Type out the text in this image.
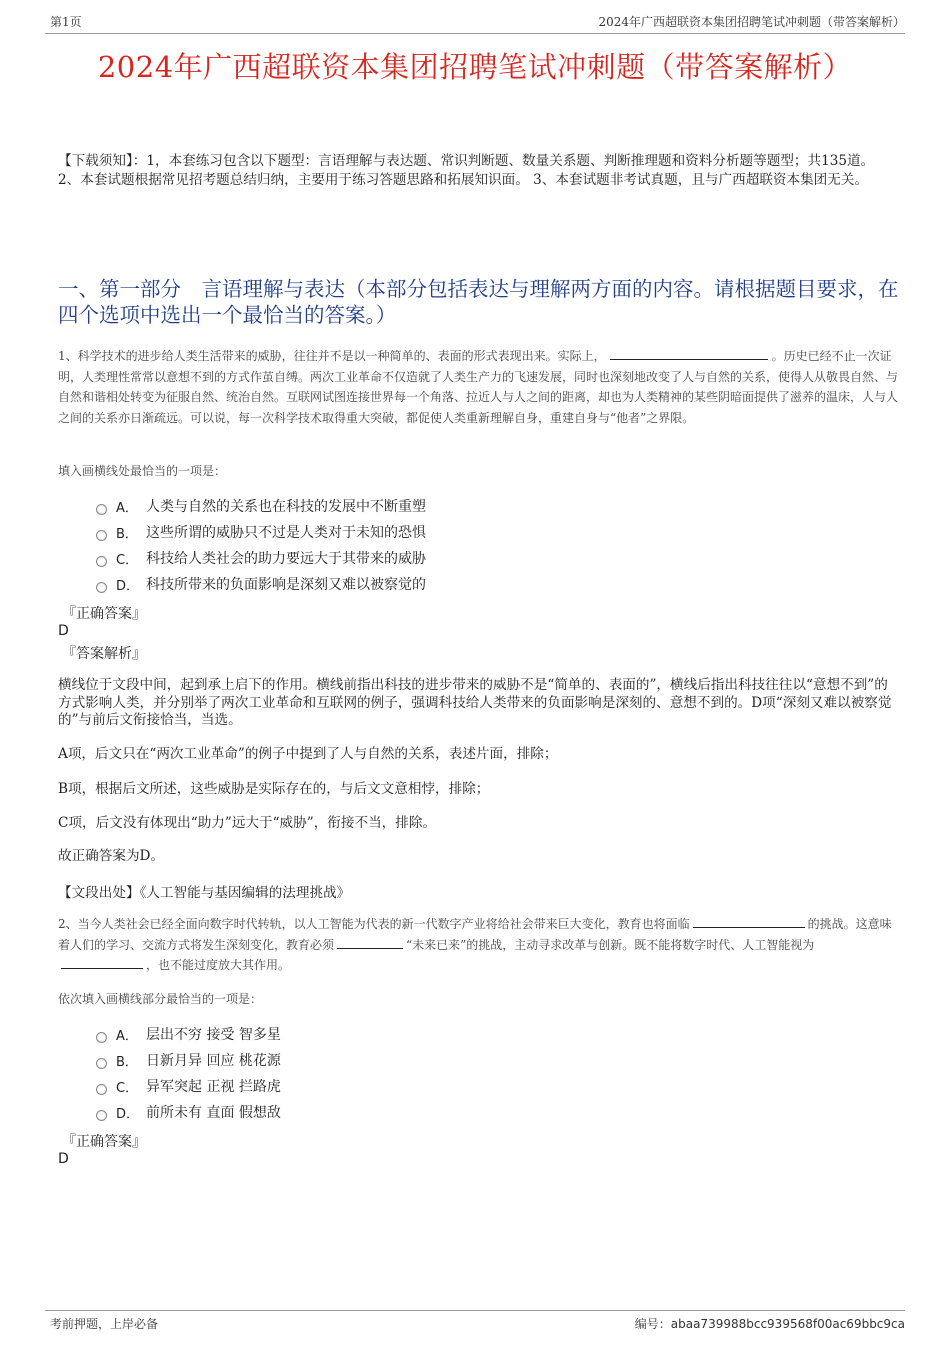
第1页	2024年广西超联资本集团招聘笔试冲刺题（带答案解析）
2024年广西超联资本集团招聘笔试冲刺题（带答案解析）
【下载须知】：1，本套练习包含以下题型：言语理解与表达题、常识判断题、数量关系题、判断推理题和资料分析题等题型；共135道。 2、本套试题根据常见招考题总结归纳，主要用于练习答题思路和拓展知识面。 3、本套试题非考试真题，且与广西超联资本集团无关。
一、第一部分　言语理解与表达（本部分包括表达与理解两方面的内容。请根据题目要求，在四个选项中选出一个最恰当的答案。）
1、科学技术的进步给人类生活带来的威胁，往往并不是以一种简单的、表面的形式表现出来。实际上，	。历史已经不止一次证明，人类理性常常以意想不到的方式作茧自缚。两次工业革命不仅造就了人类生产力的飞速发展，同时也深刻地改变了人与自然的关系，使得人从敬畏自然、与自然和谐相处转变为征服自然、统治自然。互联网试图连接世界每一个角落、拉近人与人之间的距离，却也为人类精神的某些阴暗面提供了滋养的温床，人与人之间的关系亦日渐疏远。可以说，每一次科学技术取得重大突破，都促使人类重新理解自身，重建自身与“他者”之界限。
填入画横线处最恰当的一项是：
A． 人类与自然的关系也在科技的发展中不断重塑
B． 这些所谓的威胁只不过是人类对于未知的恐惧
C． 科技给人类社会的助力要远大于其带来的威胁
D． 科技所带来的负面影响是深刻又难以被察觉的
『正确答案』
D
『答案解析』
横线位于文段中间，起到承上启下的作用。横线前指出科技的进步带来的威胁不是“简单的、表面的”，横线后指出科技往往以“意想不到”的方式影响人类，并分别举了两次工业革命和互联网的例子，强调科技给人类带来的负面影响是深刻的、意想不到的。D项“深刻又难以被察觉的”与前后文衔接恰当，当选。
A项，后文只在“两次工业革命”的例子中提到了人与自然的关系，表述片面，排除；
B项，根据后文所述，这些威胁是实际存在的，与后文文意相悖，排除；
C项，后文没有体现出“助力”远大于“威胁”，衔接不当，排除。
故正确答案为D。
【文段出处】《人工智能与基因编辑的法理挑战》
2、当今人类社会已经全面向数字时代转轨，以人工智能为代表的新一代数字产业将给社会带来巨大变化，教育也将面临	的挑战。这意味着人们的学习、交流方式将发生深刻变化，教育必须	“未来已来”的挑战，主动寻求改革与创新。既不能将数字时代、人工智能视为，也不能过度放大其作用。
依次填入画横线部分最恰当的一项是：
A． 层出不穷 接受 智多星
B． 日新月异 回应 桃花源
C． 异军突起 正视 拦路虎
D． 前所未有 直面 假想敌
『正确答案』
D
考前押题，上岸必备	编号：abaa739988bcc939568f00ac69bbc9ca
